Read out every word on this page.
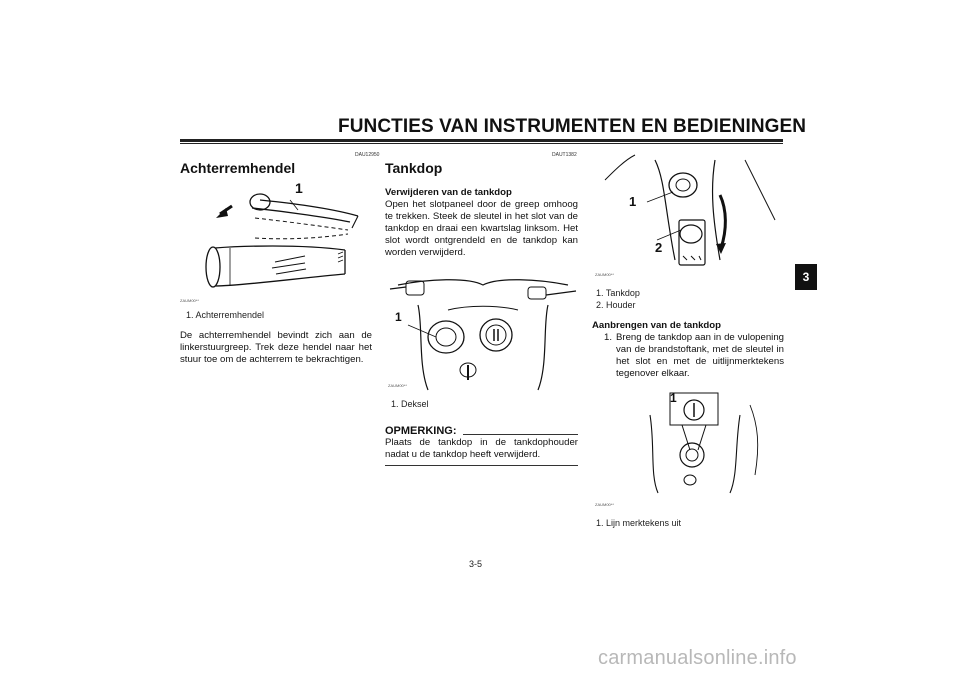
FUNCTIES VAN INSTRUMENTEN EN BEDIENINGEN
3
DAU12950
Achterremhendel
1
ZAUM00**
1. Achterremhendel
De achterremhendel bevindt zich aan de linkerstuurgreep. Trek deze hendel naar het stuur toe om de achterrem te bekrachtigen.
DAUT1382
Tankdop
Verwijderen van de tankdop
Open het slotpaneel door de greep omhoog te trekken. Steek de sleutel in het slot van de tankdop en draai een kwartslag linksom. Het slot wordt ontgrendeld en de tankdop kan worden verwijderd.
1
ZAUM00**
1. Deksel
OPMERKING:
Plaats de tankdop in de tankdophouder nadat u de tankdop heeft verwijderd.
1
2
ZAUM00**
1. Tankdop
2. Houder
Aanbrengen van de tankdop
1. Breng de tankdop aan in de vulopening van de brandstoftank, met de sleutel in het slot en met de uitlijnmerktekens tegenover elkaar.
1
ZAUM00**
1. Lijn merktekens uit
3-5
carmanualsonline.info
